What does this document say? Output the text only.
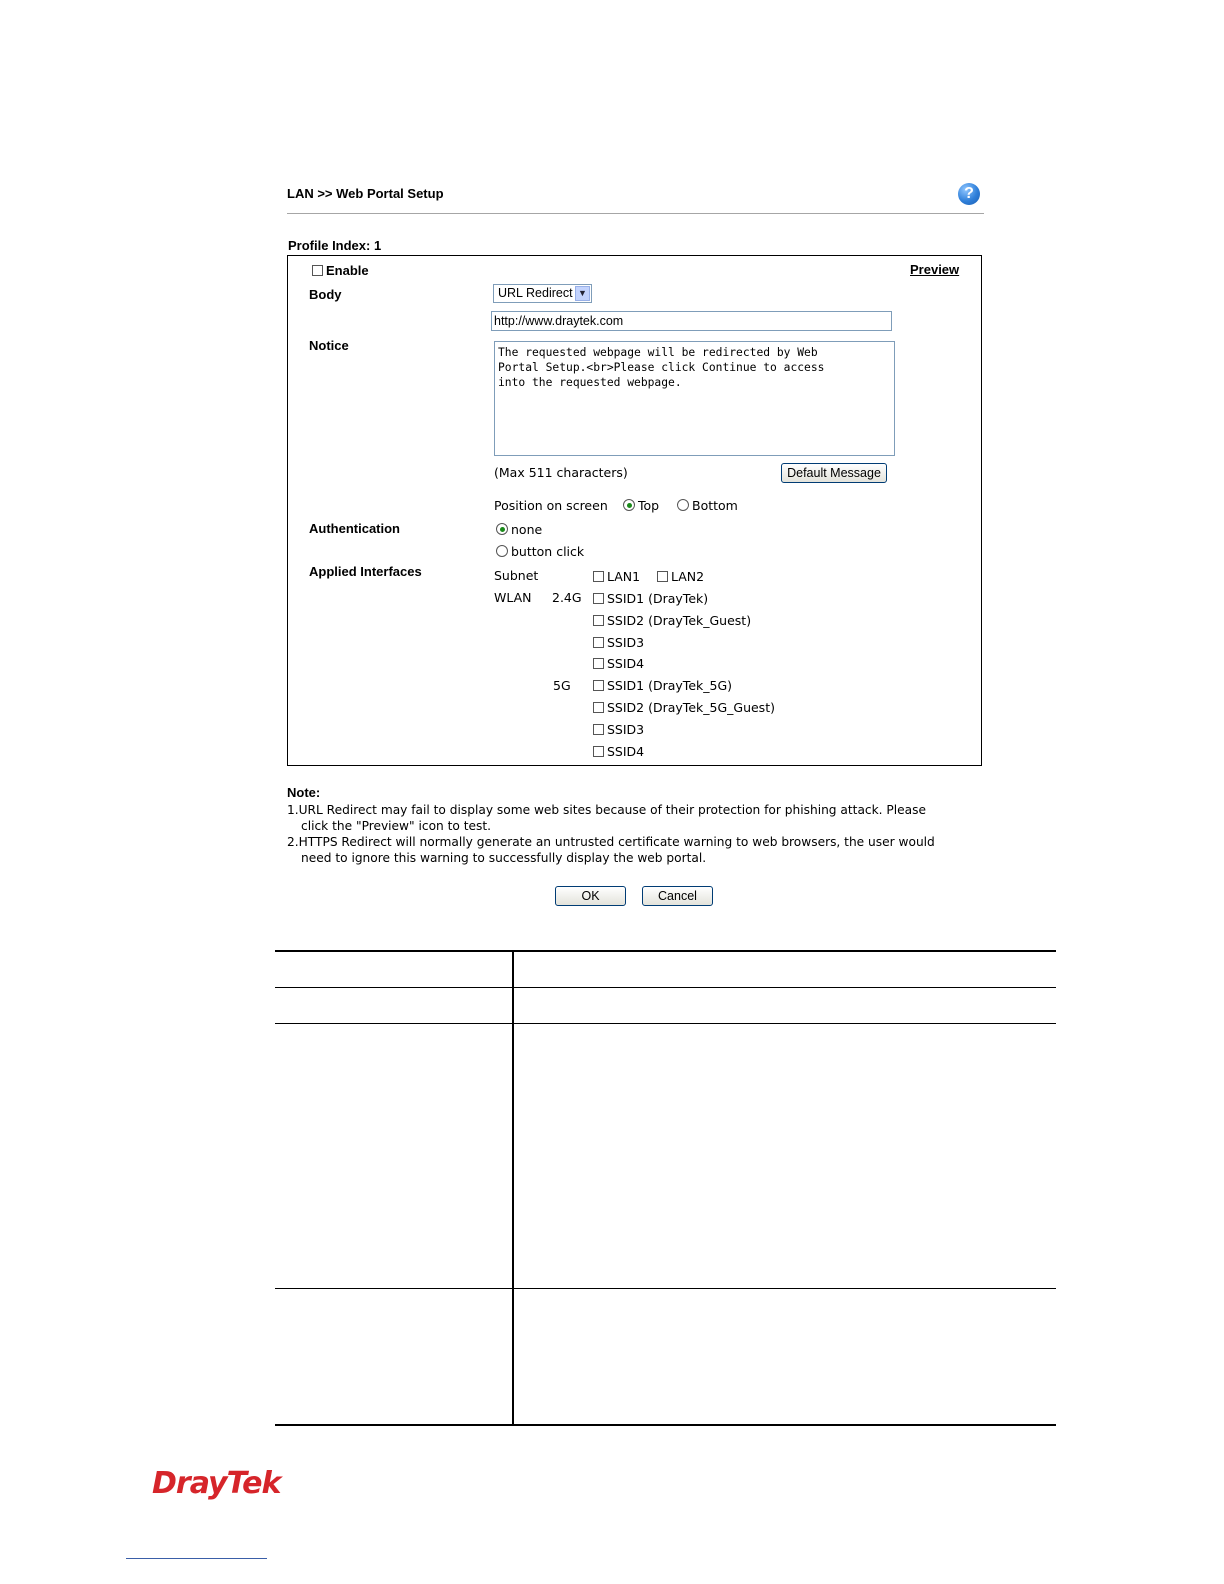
LAN >> Web Portal Setup	?
Profile Index: 1
Enable	Preview
Body	URL Redirect ▼
http://www.draytek.com
Notice	The requested webpage will be redirected by Web
Portal Setup.<br>Please click Continue to access
into the requested webpage.
(Max 511 characters)	Default Message
Position on screen	Top	Bottom
Authentication	none
button click
Applied Interfaces	Subnet	LAN1	LAN2
WLAN 2.4G	SSID1 (DrayTek)
SSID2 (DrayTek_Guest)
SSID3
SSID4
5G	SSID1 (DrayTek_5G)
SSID2 (DrayTek_5G_Guest)
SSID3
SSID4
Note:
1.URL Redirect may fail to display some web sites because of their protection for phishing attack. Please
click the "Preview" icon to test.
2.HTTPS Redirect will normally generate an untrusted certificate warning to web browsers, the user would
need to ignore this warning to successfully display the web portal.
OK	Cancel
DrayTek
